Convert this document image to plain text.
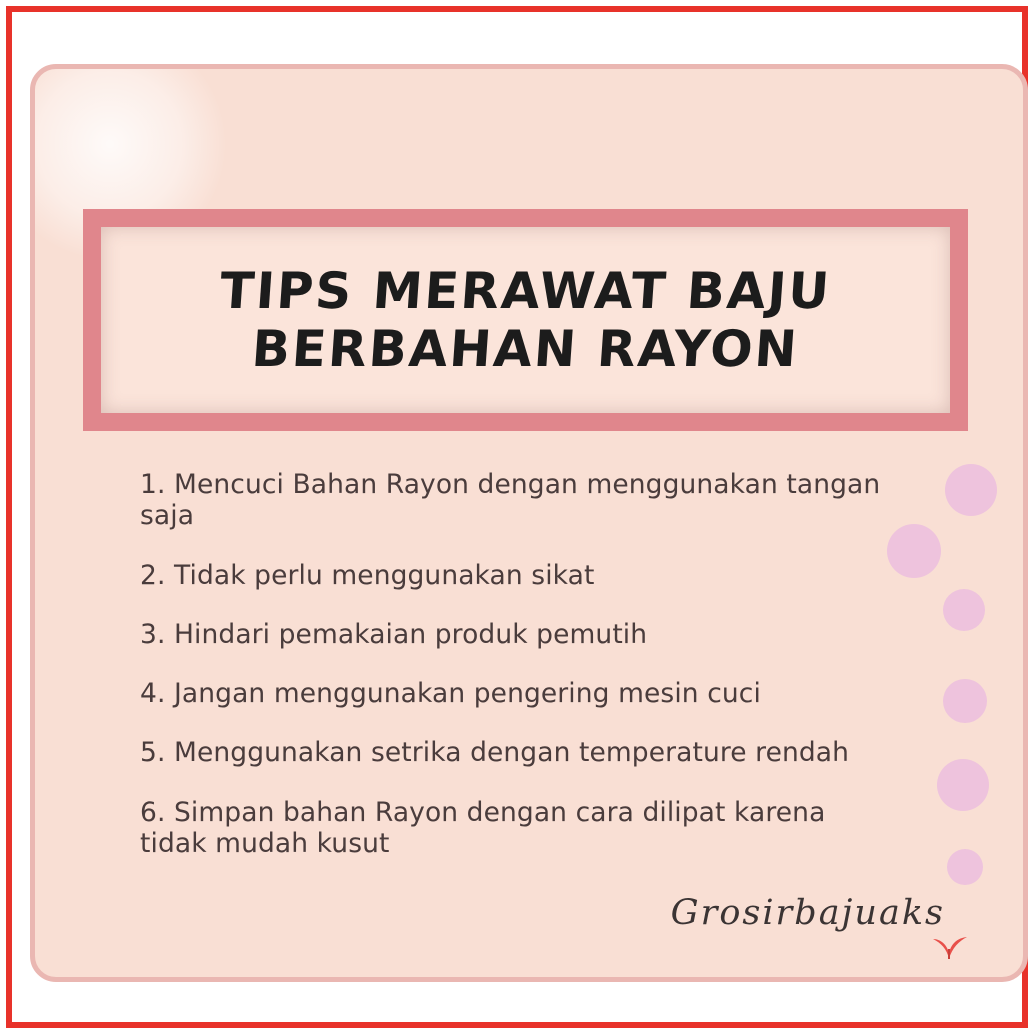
TIPS MERAWAT BAJU
BERBAHAN RAYON
1. Mencuci Bahan Rayon dengan menggunakan tangan saja
2. Tidak perlu menggunakan sikat
3. Hindari pemakaian produk pemutih
4. Jangan menggunakan pengering mesin cuci
5. Menggunakan setrika dengan temperature rendah
6. Simpan bahan Rayon dengan cara dilipat karena tidak mudah kusut
Grosirbajuaks
